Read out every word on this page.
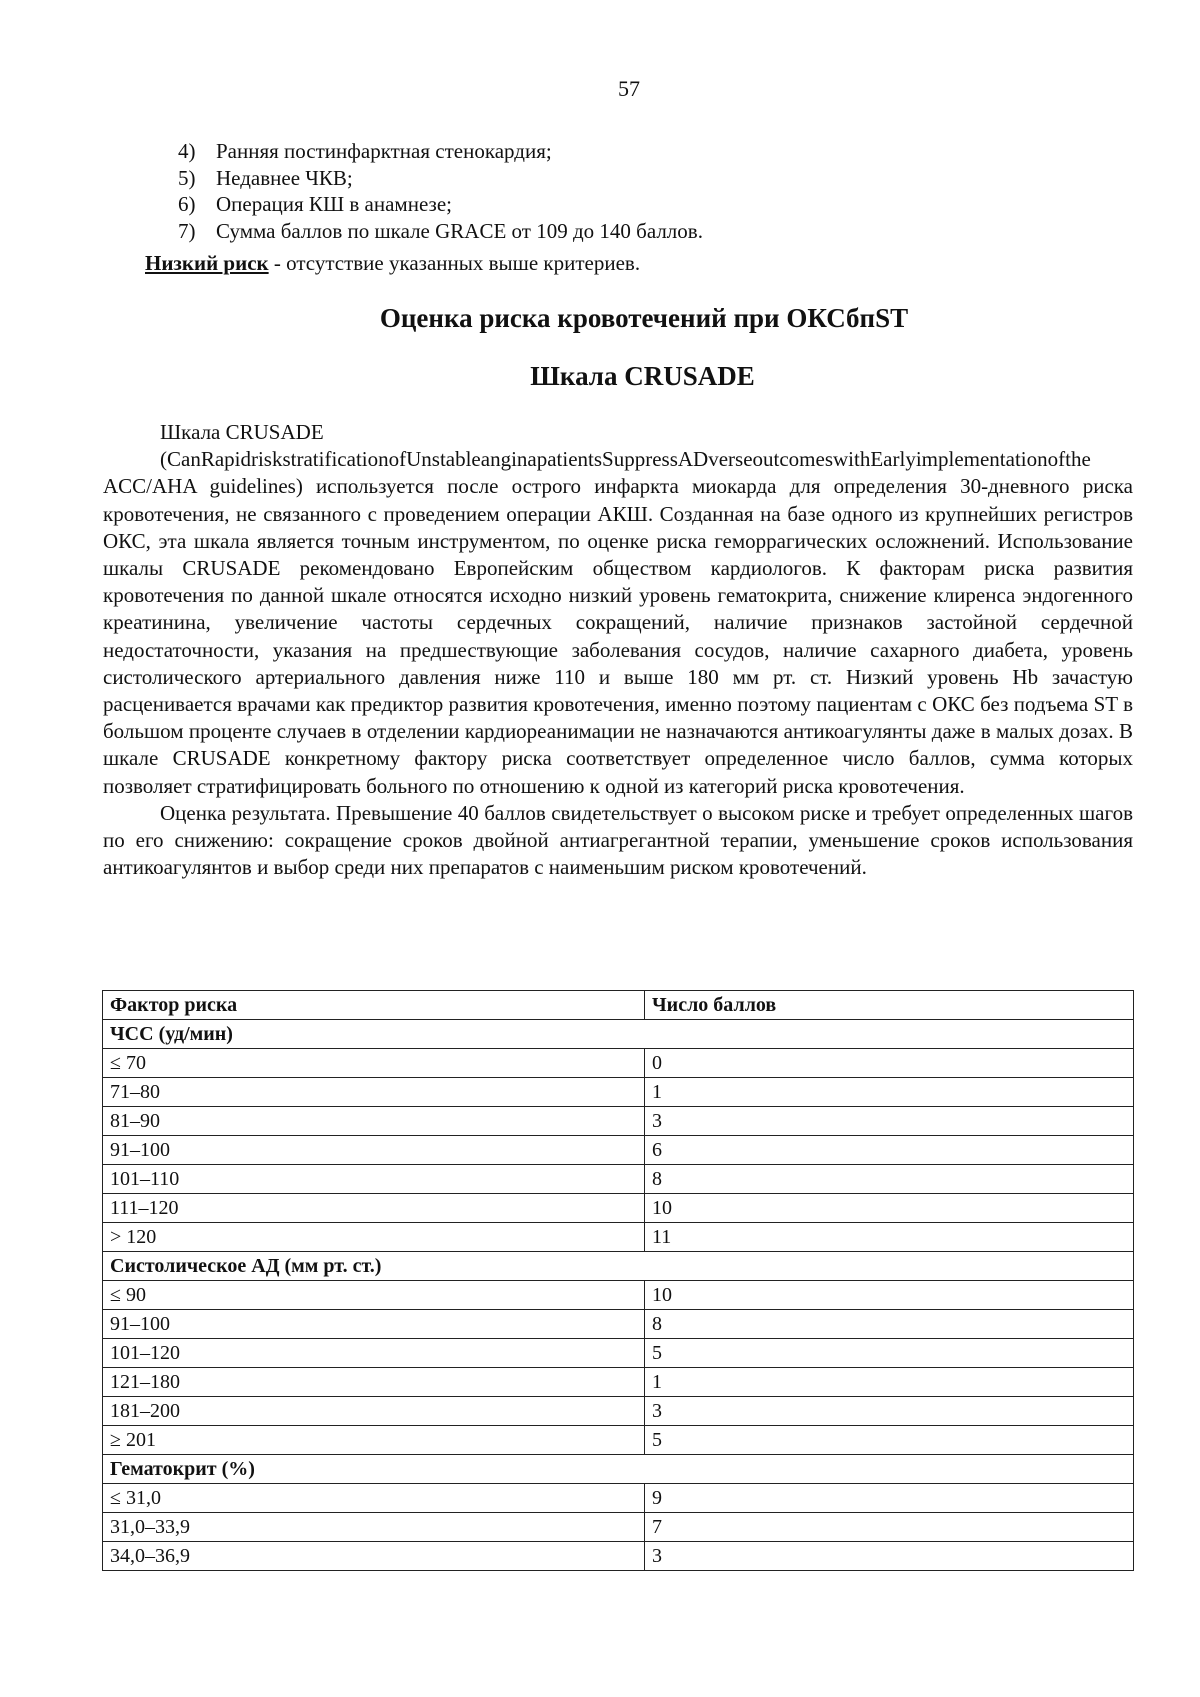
57
4) Ранняя постинфарктная стенокардия;
5) Недавнее ЧКВ;
6) Операция КШ в анамнезе;
7) Сумма баллов по шкале GRACE от 109 до 140 баллов.
Низкий риск - отсутствие указанных выше критериев.
Оценка риска кровотечений при ОКСбпST
Шкала CRUSADE

Шкала CRUSADE

(CanRapidriskstratificationofUnstableanginapatientsSuppressADverseoutcomeswithEarlyimplementationofthe ACC/AHA guidelines) используется после острого инфаркта миокарда для определения 30-дневного риска кровотечения, не связанного с проведением операции АКШ. Созданная на базе одного из крупнейших регистров ОКС, эта шкала является точным инструментом, по оценке риска геморрагических осложнений. Использование шкалы CRUSADE рекомендовано Европейским обществом кардиологов. К факторам риска развития кровотечения по данной шкале относятся исходно низкий уровень гематокрита, снижение клиренса эндогенного креатинина, увеличение частоты сердечных сокращений, наличие признаков застойной сердечной недостаточности, указания на предшествующие заболевания сосудов, наличие сахарного диабета, уровень систолического артериального давления ниже 110 и выше 180 мм рт. ст. Низкий уровень Hb зачастую расценивается врачами как предиктор развития кровотечения, именно поэтому пациентам с ОКС без подъема ST в большом проценте случаев в отделении кардиореанимации не назначаются антикоагулянты даже в малых дозах. В шкале CRUSADE конкретному фактору риска соответствует определенное число баллов, сумма которых позволяет стратифицировать больного по отношению к одной из категорий риска кровотечения.

Оценка результата. Превышение 40 баллов свидетельствует о высоком риске и требует определенных шагов по его снижению: сокращение сроков двойной антиагрегантной терапии, уменьшение сроков использования антикоагулянтов и выбор среди них препаратов с наименьшим риском кровотечений.

Фактор риска	Число баллов
ЧСС (уд/мин)	
≤ 70	0
71–80	1
81–90	3
91–100	6
101–110	8
111–120	10
> 120	11
Систолическое АД (мм рт. ст.)	
≤ 90	10
91–100	8
101–120	5
121–180	1
181–200	3
≥ 201	5
Гематокрит (%)	
≤ 31,0	9
31,0–33,9	7
34,0–36,9	3
